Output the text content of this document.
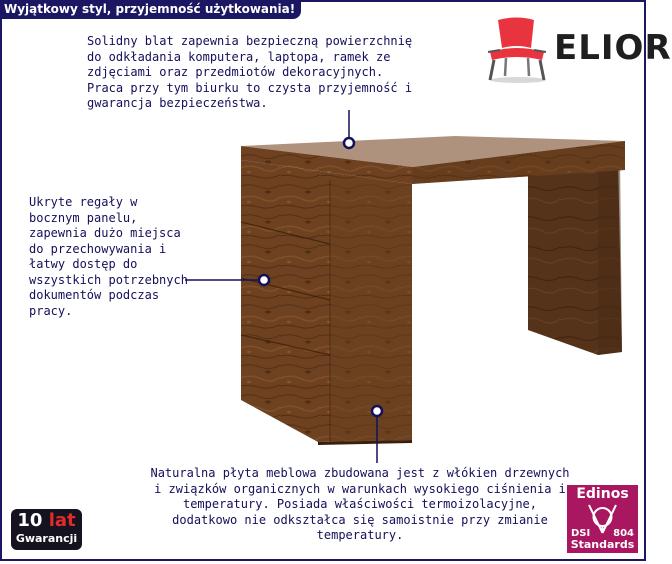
Wyjątkowy styl, przyjemność użytkowania!
Solidny blat zapewnia bezpieczną powierzchnię do odkładania komputera, laptopa, ramek ze zdjęciami oraz przedmiotów dekoracyjnych. Praca przy tym biurku to czysta przyjemność i gwarancja bezpieczeństwa.
Ukryte regały w bocznym panelu, zapewnia dużo miejsca do przechowywania i łatwy dostęp do wszystkich potrzebnych dokumentów podczas pracy.
Naturalna płyta meblowa zbudowana jest z włókien drzewnych i związków organicznych w warunkach wysokiego ciśnienia i temperatury. Posiada właściwości termoizolacyjne, dodatkowo nie odkształca się samoistnie przy zmianie temperatury.
ELIOR
10 lat
Gwarancji
Edinos
DSI 804
Standards
